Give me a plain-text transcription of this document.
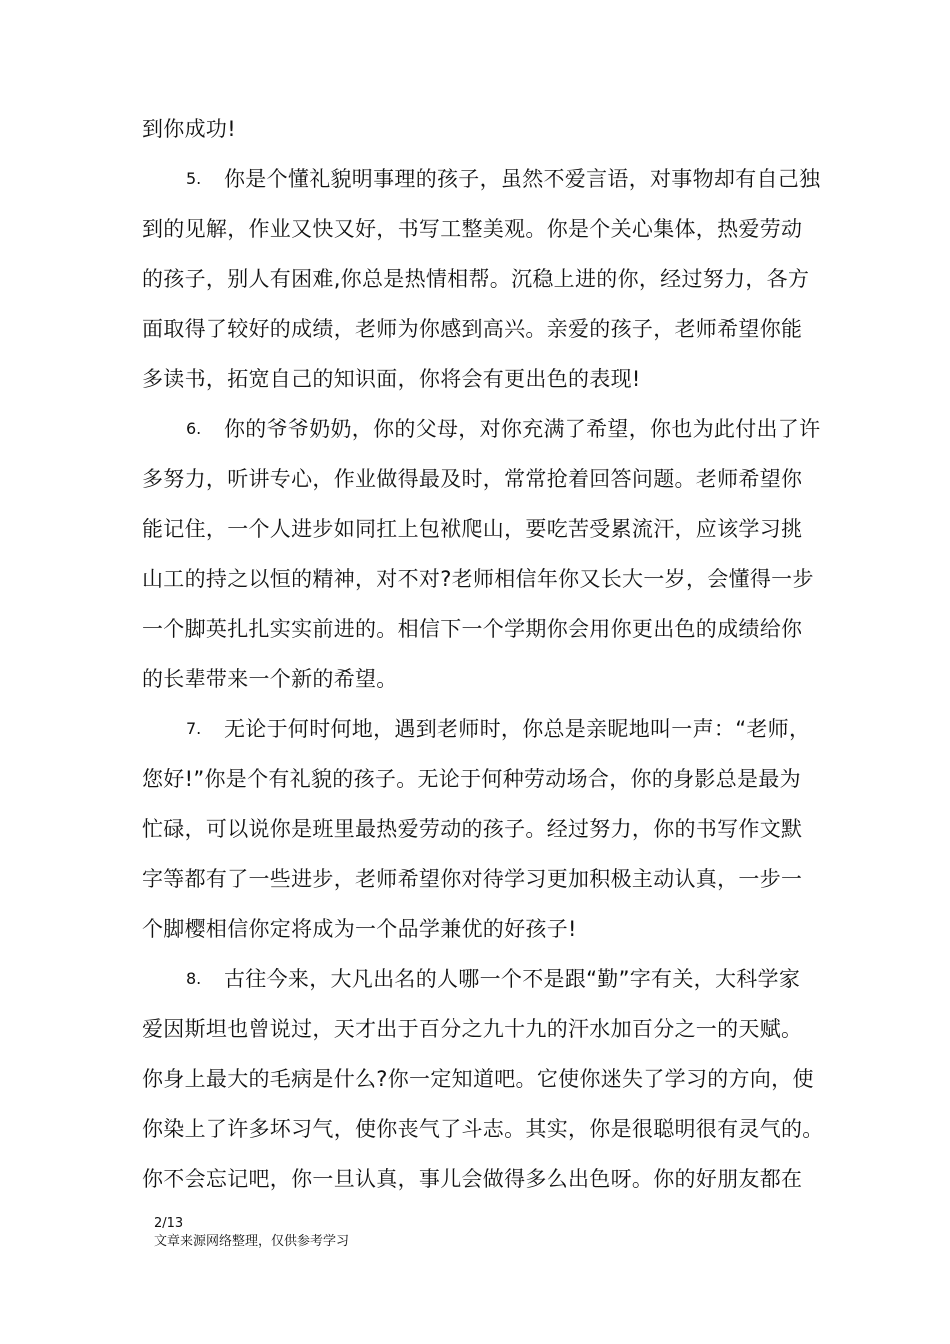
到你成功!
5. 你是个懂礼貌明事理的孩子，虽然不爱言语，对事物却有自己独
到的见解，作业又快又好，书写工整美观。你是个关心集体，热爱劳动
的孩子，别人有困难,你总是热情相帮。沉稳上进的你，经过努力，各方
面取得了较好的成绩，老师为你感到高兴。亲爱的孩子，老师希望你能
多读书，拓宽自己的知识面，你将会有更出色的表现!
6. 你的爷爷奶奶，你的父母，对你充满了希望，你也为此付出了许
多努力，听讲专心，作业做得最及时，常常抢着回答问题。老师希望你
能记住，一个人进步如同扛上包袱爬山，要吃苦受累流汗，应该学习挑
山工的持之以恒的精神，对不对?老师相信年你又长大一岁，会懂得一步
一个脚英扎扎实实前进的。相信下一个学期你会用你更出色的成绩给你
的长辈带来一个新的希望。
7. 无论于何时何地，遇到老师时，你总是亲昵地叫一声：“老师，
您好!”你是个有礼貌的孩子。无论于何种劳动场合，你的身影总是最为
忙碌，可以说你是班里最热爱劳动的孩子。经过努力，你的书写作文默
字等都有了一些进步，老师希望你对待学习更加积极主动认真，一步一
个脚樱相信你定将成为一个品学兼优的好孩子!
8. 古往今来，大凡出名的人哪一个不是跟“勤”字有关，大科学家
爱因斯坦也曾说过，天才出于百分之九十九的汗水加百分之一的天赋。
你身上最大的毛病是什么?你一定知道吧。它使你迷失了学习的方向，使
你染上了许多坏习气，使你丧气了斗志。其实，你是很聪明很有灵气的。
你不会忘记吧，你一旦认真，事儿会做得多么出色呀。你的好朋友都在
2/13
文章来源网络整理，仅供参考学习
